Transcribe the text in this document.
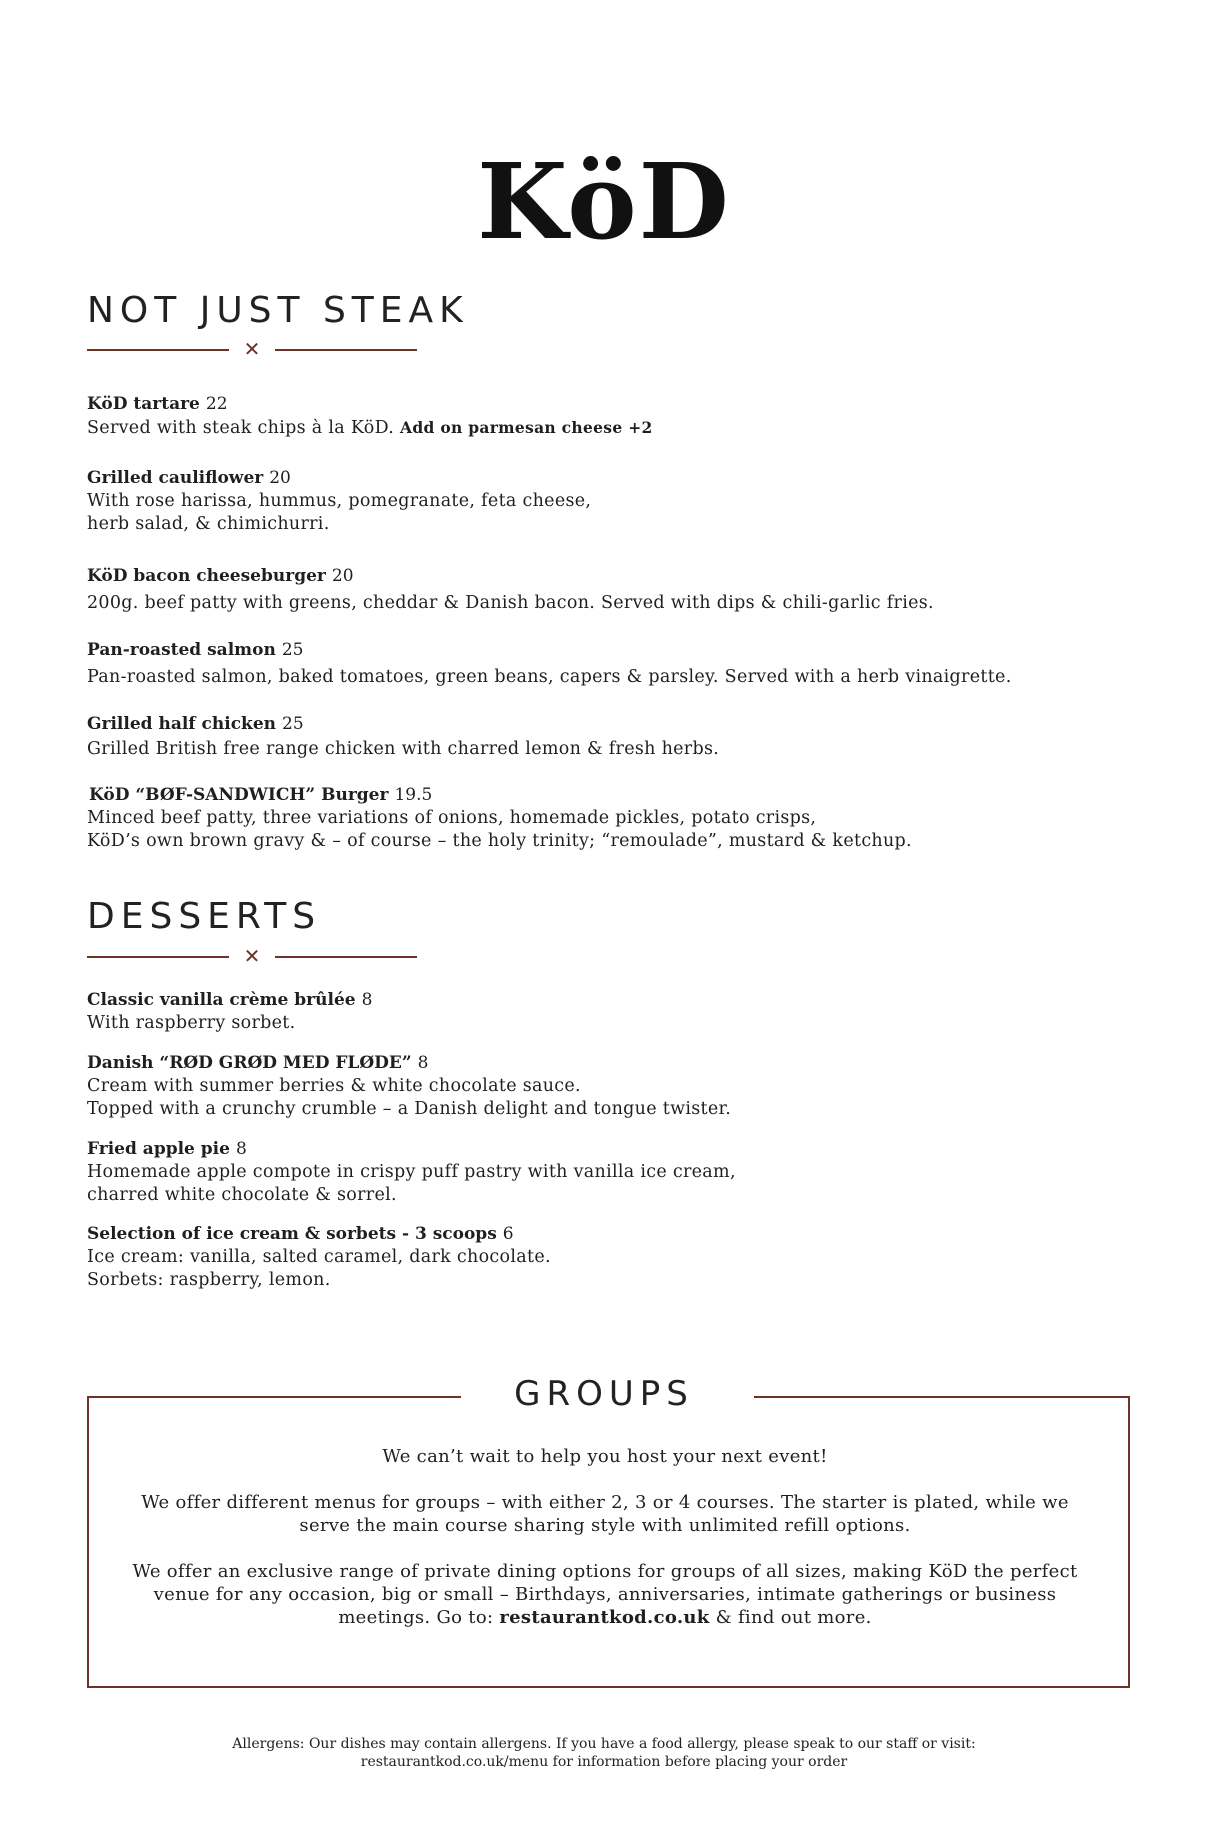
KöD
NOT JUST STEAK
✕
KöD tartare 22
Served with steak chips à la KöD. Add on parmesan cheese +2
Grilled cauliflower 20
With rose harissa, hummus, pomegranate, feta cheese,
herb salad, & chimichurri.
KöD bacon cheeseburger 20
200g. beef patty with greens, cheddar & Danish bacon. Served with dips & chili-garlic fries.
Pan-roasted salmon 25
Pan-roasted salmon, baked tomatoes, green beans, capers & parsley. Served with a herb vinaigrette.
Grilled half chicken 25
Grilled British free range chicken with charred lemon & fresh herbs.
KöD “BØF-SANDWICH” Burger 19.5
Minced beef patty, three variations of onions, homemade pickles, potato crisps,
KöD’s own brown gravy & – of course – the holy trinity; “remoulade”, mustard & ketchup.
DESSERTS
✕
Classic vanilla crème brûlée 8
With raspberry sorbet.
Danish “RØD GRØD MED FLØDE” 8
Cream with summer berries & white chocolate sauce.
Topped with a crunchy crumble – a Danish delight and tongue twister.
Fried apple pie 8
Homemade apple compote in crispy puff pastry with vanilla ice cream,
charred white chocolate & sorrel.
Selection of ice cream & sorbets - 3 scoops 6
Ice cream: vanilla, salted caramel, dark chocolate.
Sorbets: raspberry, lemon.
GROUPS
We can’t wait to help you host your next event!
We offer different menus for groups – with either 2, 3 or 4 courses. The starter is plated, while we serve the main course sharing style with unlimited refill options.
We offer an exclusive range of private dining options for groups of all sizes, making KöD the perfect venue for any occasion, big or small – Birthdays, anniversaries, intimate gatherings or business meetings. Go to: restaurantkod.co.uk & find out more.
Allergens: Our dishes may contain allergens. If you have a food allergy, please speak to our staff or visit:
restaurantkod.co.uk/menu for information before placing your order
